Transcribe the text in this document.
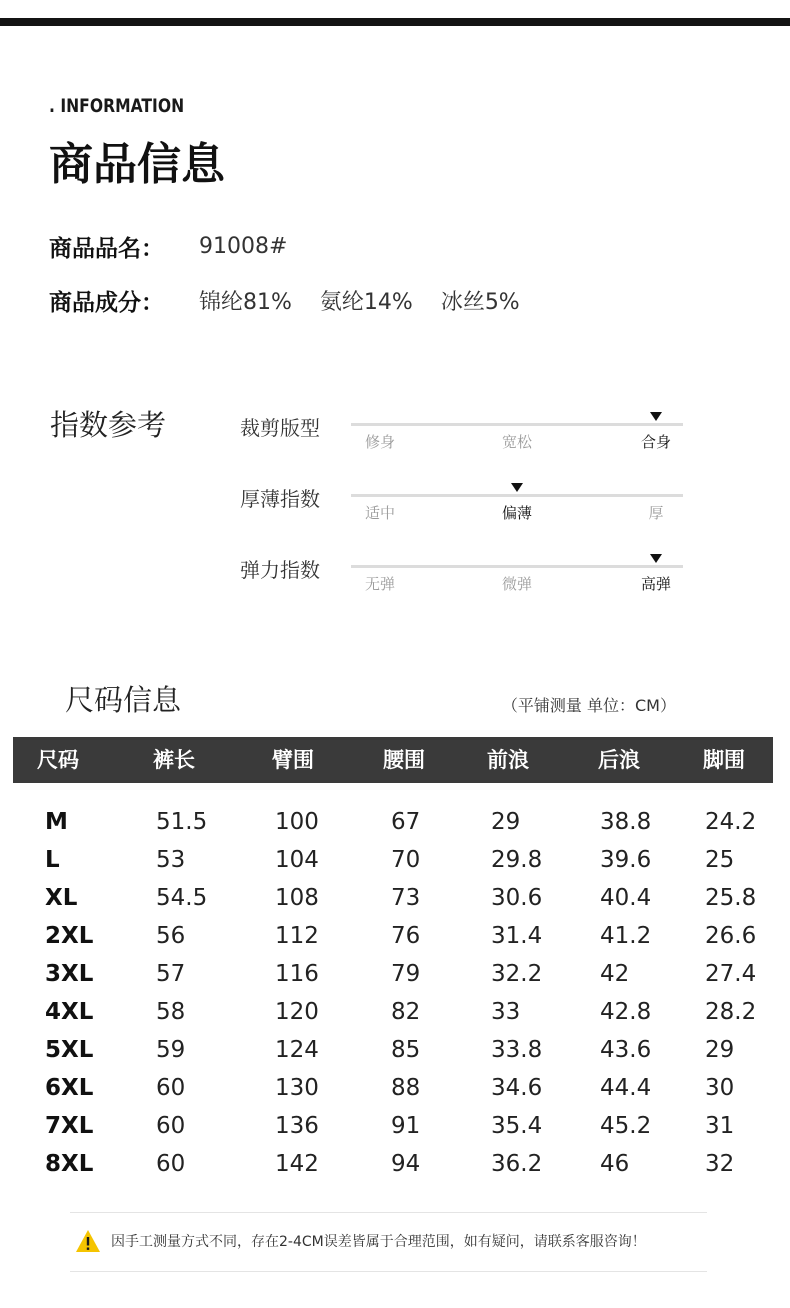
. INFORMATION
商品信息
商品品名：	91008#
商品成分：	锦纶81% 氨纶14% 冰丝5%
指数参考	裁剪版型
修身	宽松	合身
厚薄指数
适中	偏薄	厚
弹力指数
无弹	微弹	高弹
尺码信息	（平铺测量 单位：CM）
尺码	裤长	臂围	腰围	前浪	后浪	脚围
M	51.5	100	67	29	38.8 24.2
L	53	104	70	29.8	39.6 25
XL	54.5	108	73	30.6	40.4 25.8
2XL	56	112	76	31.4	41.2 26.6
3XL	57	116	79	32.2	42	27.4
4XL	58	120	82	33	42.8 28.2
5XL	59	124	85	33.8	43.6 29
6XL	60	130	88	34.6	44.4 30
7XL	60	136	91	35.4	45.2 31
8XL	60	142	94	36.2	46	32
因手工测量方式不同，存在2-4CM误差皆属于合理范围，如有疑问，请联系客服咨询！
